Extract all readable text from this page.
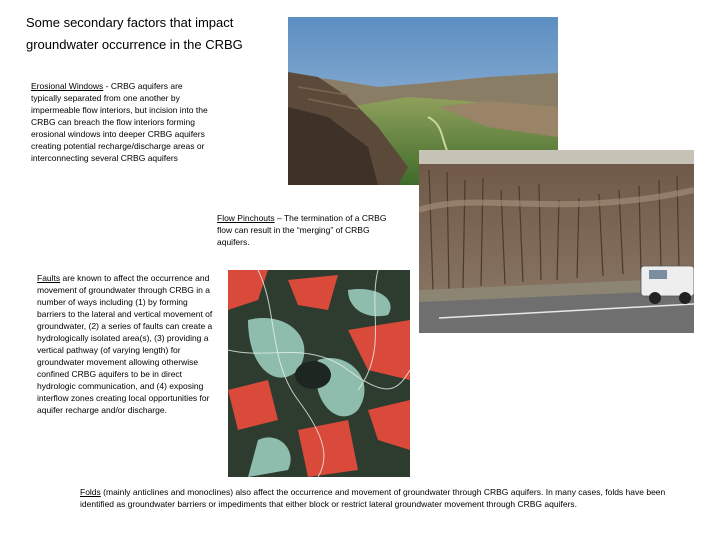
Some secondary factors that impact
groundwater occurrence in the CRBG

Erosional Windows - CRBG aquifers are typically separated from one another by impermeable flow interiors, but incision into the CRBG can breach the flow interiors forming erosional windows into deeper CRBG aquifers creating potential recharge/discharge areas or interconnecting several CRBG aquifers

Flow Pinchouts – The termination of a CRBG flow can result in the “merging” of CRBG aquifers.

Faults are known to affect the occurrence and movement of groundwater through CRBG in a number of ways including (1) by forming barriers to the lateral and vertical movement of groundwater, (2) a series of faults can create a hydrologically isolated area(s), (3) providing a vertical pathway (of varying length) for groundwater movement allowing otherwise confined CRBG aquifers to be in direct hydrologic communication, and (4) exposing interflow zones creating local opportunities for aquifer recharge and/or discharge.

Folds (mainly anticlines and monoclines) also affect the occurrence and movement of groundwater through CRBG aquifers. In many cases, folds have been identified as groundwater barriers or impediments that either block or restrict lateral groundwater movement through CRBG aquifers.
